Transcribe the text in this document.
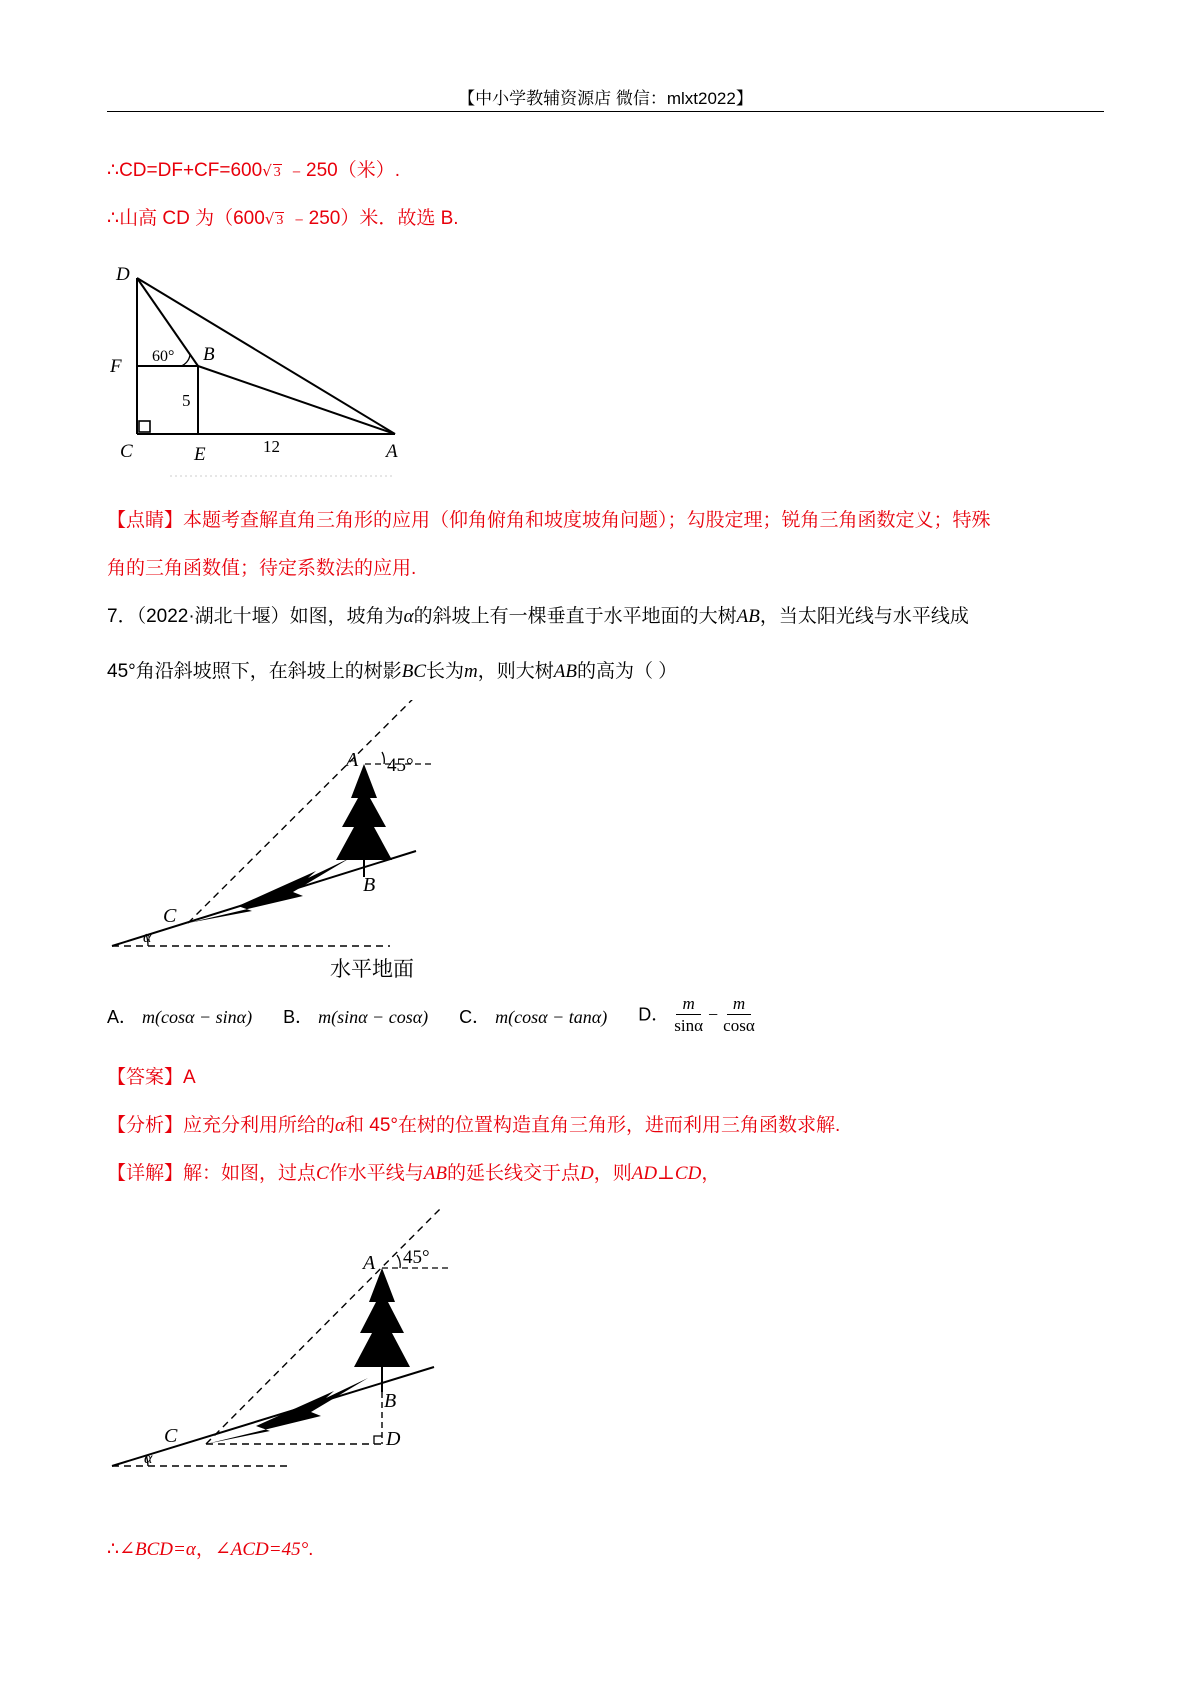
【中小学教辅资源店 微信：mlxt2022】
∴CD=DF+CF=600√ 3 ﹣250（米）.
∴山高 CD 为（600√ 3 ﹣250）米．故选 B.
D
F
B
C	E	A
60°
5
12
【点睛】本题考查解直角三角形的应用（仰角俯角和坡度坡角问题）；勾股定理；锐角三角函数定义；特殊
角的三角函数值；待定系数法的应用.
7．（2022·湖北十堰）如图，坡角为α的斜坡上有一棵垂直于水平地面的大树AB，当太阳光线与水平线成
45°角沿斜坡照下，在斜坡上的树影BC长为m，则大树AB的高为（ ）
A 45°
B
C
α
水平地面
A． m(cosα − sinα) B． m(sinα − cosα) C． m(cosα − tanα) D． $\frac{m}{\sin\alpha} - \frac{m}{\cos\alpha}$
【答案】A
【分析】应充分利用所给的α和 45°在树的位置构造直角三角形，进而利用三角函数求解.
【详解】解：如图，过点C作水平线与AB的延长线交于点D，则AD⊥CD，
A 45°
B
C	D
α
∴∠BCD=α，∠ACD=45°.
